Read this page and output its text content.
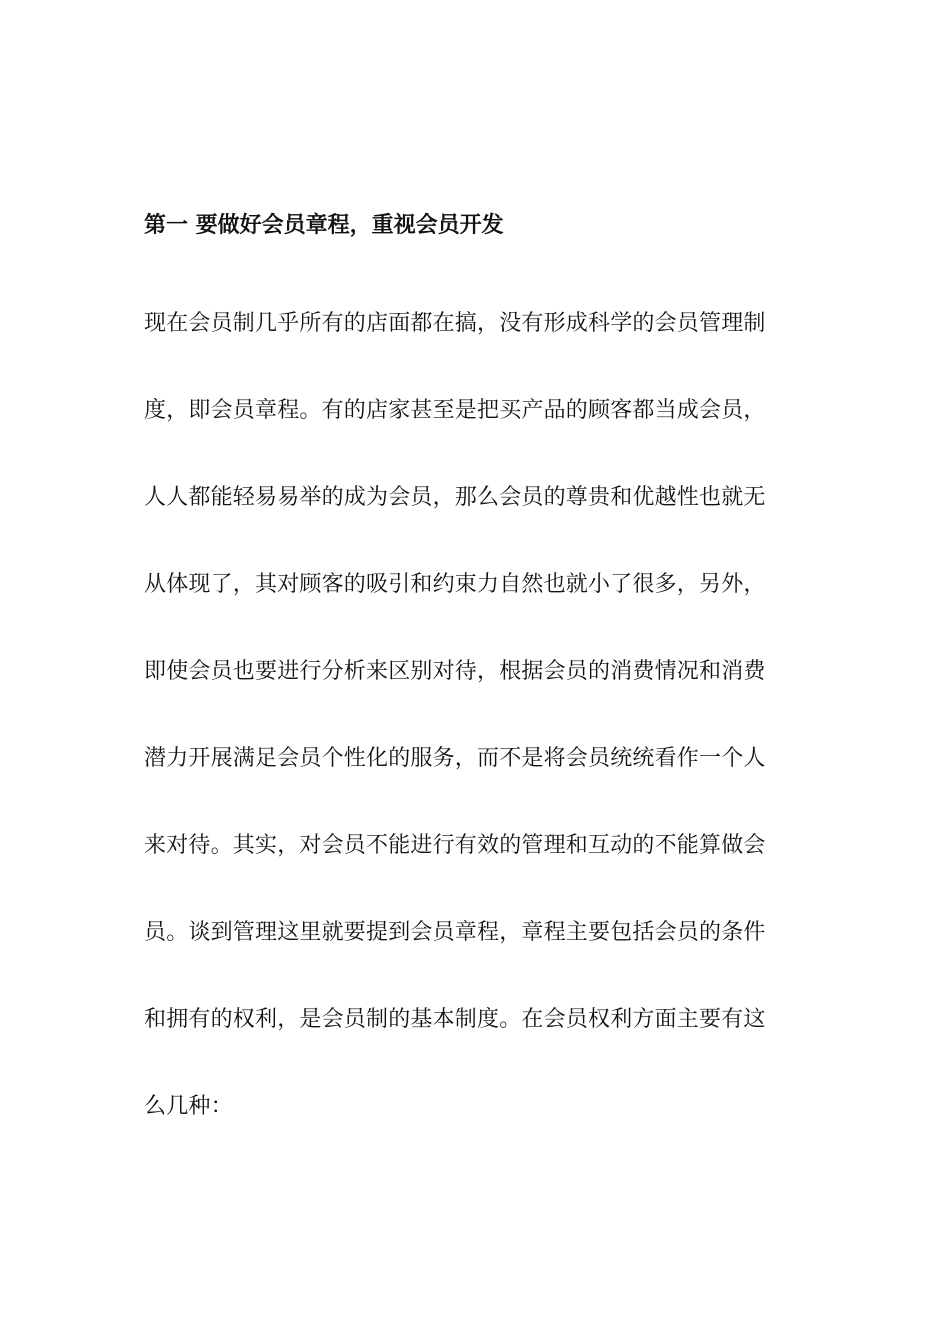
第一 要做好会员章程，重视会员开发
现在会员制几乎所有的店面都在搞，没有形成科学的会员管理制
度，即会员章程。有的店家甚至是把买产品的顾客都当成会员，
人人都能轻易易举的成为会员，那么会员的尊贵和优越性也就无
从体现了，其对顾客的吸引和约束力自然也就小了很多，另外，
即使会员也要进行分析来区别对待，根据会员的消费情况和消费
潜力开展满足会员个性化的服务，而不是将会员统统看作一个人
来对待。其实，对会员不能进行有效的管理和互动的不能算做会
员。谈到管理这里就要提到会员章程，章程主要包括会员的条件
和拥有的权利，是会员制的基本制度。在会员权利方面主要有这
么几种：
